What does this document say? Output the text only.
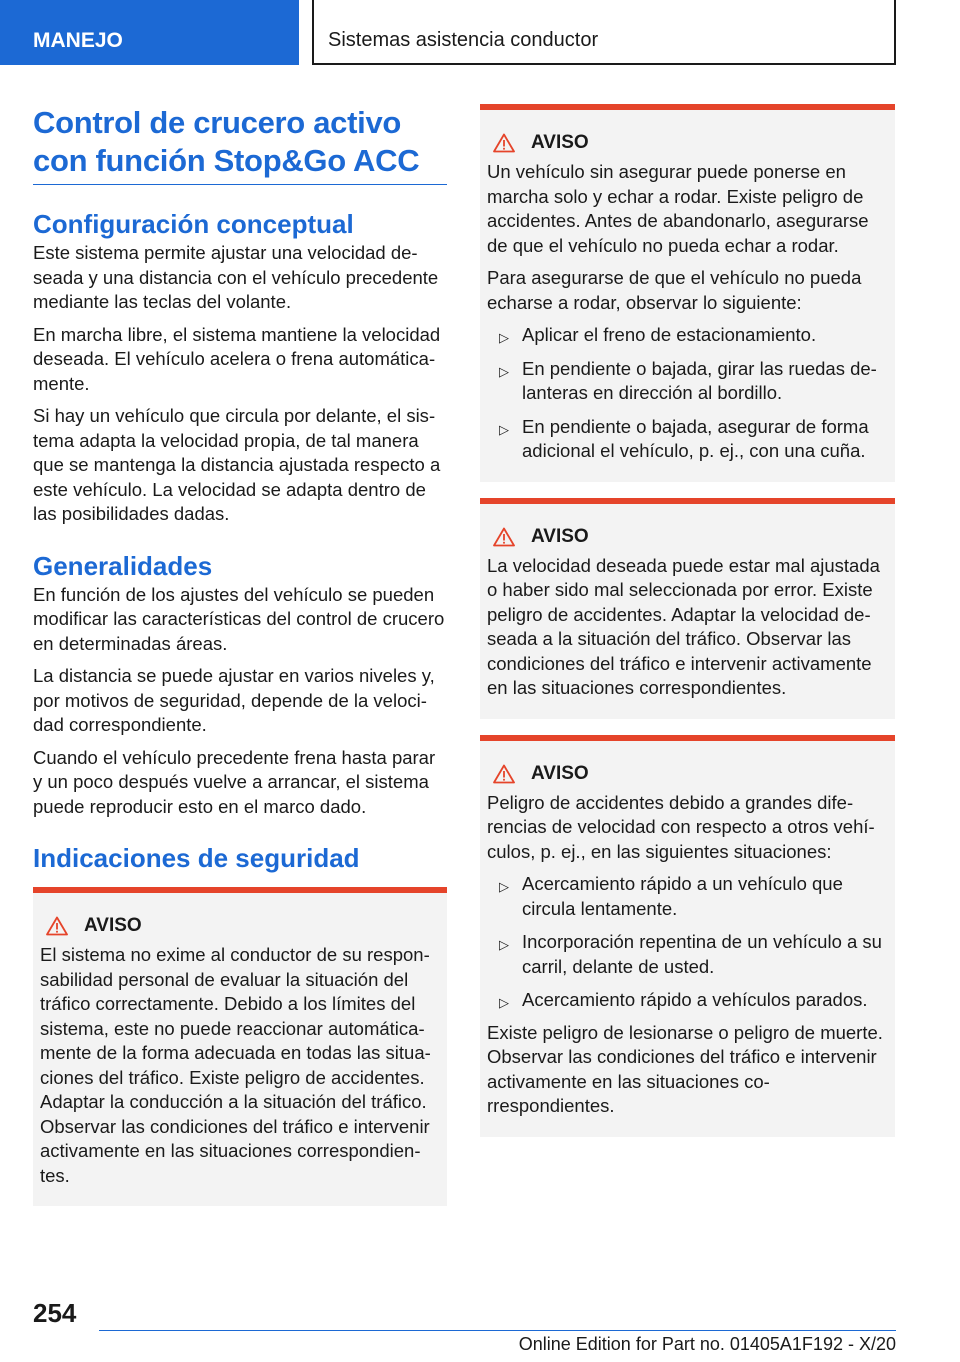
MANEJO	Sistemas asistencia conductor
Control de crucero activo con función Stop&Go ACC
Configuración conceptual

Este sistema permite ajustar una velocidad deseada y una distancia con el vehículo precedente mediante las teclas del volante.

En marcha libre, el sistema mantiene la velocidad deseada. El vehículo acelera o frena automáticamente.

Si hay un vehículo que circula por delante, el sistema adapta la velocidad propia, de tal manera que se mantenga la distancia ajustada respecto a este vehículo. La velocidad se adapta dentro de las posibilidades dadas.

Generalidades

En función de los ajustes del vehículo se pueden modificar las características del control de crucero en determinadas áreas.

La distancia se puede ajustar en varios niveles y, por motivos de seguridad, depende de la velocidad correspondiente.

Cuando el vehículo precedente frena hasta parar y un poco después vuelve a arrancar, el sistema puede reproducir esto en el marco dado.

Indicaciones de seguridad
AVISO

El sistema no exime al conductor de su responsabilidad personal de evaluar la situación del tráfico correctamente. Debido a los límites del sistema, este no puede reaccionar automáticamente de la forma adecuada en todas las situaciones del tráfico. Existe peligro de accidentes. Adaptar la conducción a la situación del tráfico. Observar las condiciones del tráfico e intervenir activamente en las situaciones correspondientes.

AVISO

Un vehículo sin asegurar puede ponerse en marcha solo y echar a rodar. Existe peligro de accidentes. Antes de abandonarlo, asegurarse de que el vehículo no pueda echar a rodar.

Para asegurarse de que el vehículo no pueda echarse a rodar, observar lo siguiente:

▷ Aplicar el freno de estacionamiento.
▷ En pendiente o bajada, girar las ruedas delanteras en dirección al bordillo.
▷ En pendiente o bajada, asegurar de forma adicional el vehículo, p. ej., con una cuña.
AVISO

La velocidad deseada puede estar mal ajustada o haber sido mal seleccionada por error. Existe peligro de accidentes. Adaptar la velocidad deseada a la situación del tráfico. Observar las condiciones del tráfico e intervenir activamente en las situaciones correspondientes.

AVISO

Peligro de accidentes debido a grandes diferencias de velocidad con respecto a otros vehículos, p. ej., en las siguientes situaciones:

▷ Acercamiento rápido a un vehículo que circula lentamente.
▷ Incorporación repentina de un vehículo a su carril, delante de usted.
▷ Acercamiento rápido a vehículos parados.

Existe peligro de lesionarse o peligro de muerte. Observar las condiciones del tráfico e intervenir activamente en las situaciones correspondientes.

254
Online Edition for Part no. 01405A1F192 - X/20
